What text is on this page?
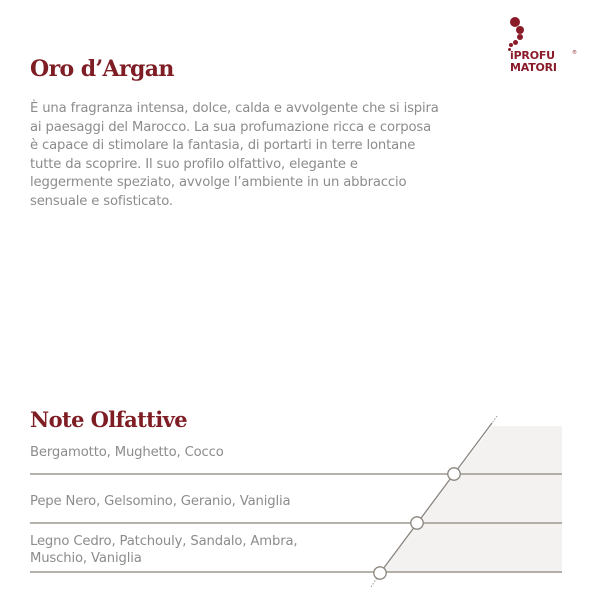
Oro d’Argan
iPROFU
MATORI
®

È una fragranza intensa, dolce, calda e avvolgente che si ispira ai paesaggi del Marocco. La sua profumazione ricca e corposa è capace di stimolare la fantasia, di portarti in terre lontane tutte da scoprire. Il suo profilo olfattivo, elegante e leggermente speziato, avvolge l’ambiente in un abbraccio sensuale e sofisticato.

Note Olfattive
Bergamotto, Mughetto, Cocco
Pepe Nero, Gelsomino, Geranio, Vaniglia
Legno Cedro, Patchouly, Sandalo, Ambra, Muschio, Vaniglia
